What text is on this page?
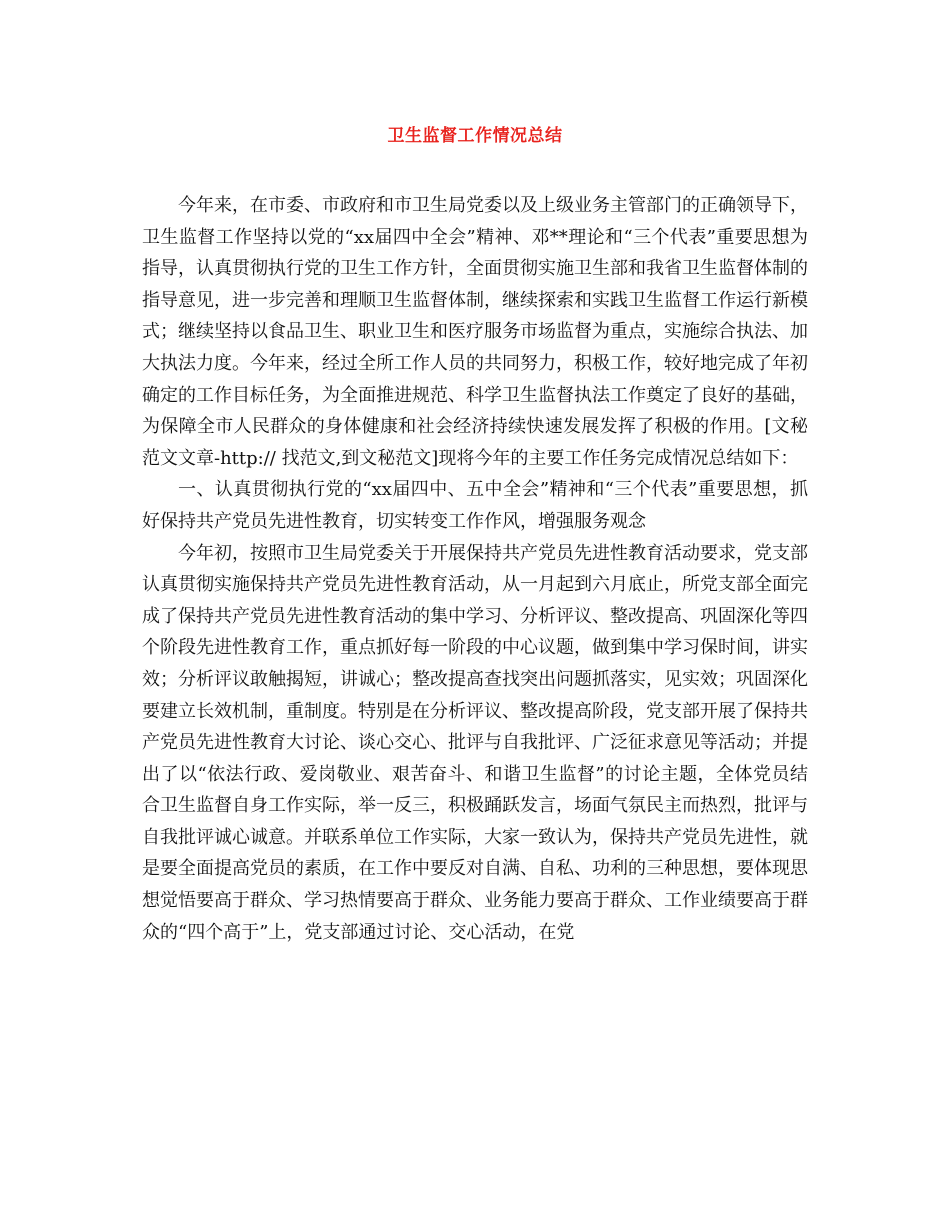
卫生监督工作情况总结

今年来，在市委、市政府和市卫生局党委以及上级业务主管部门的正确领导下，卫生监督工作坚持以党的“xx届四中全会”精神、邓**理论和“三个代表”重要思想为指导，认真贯彻执行党的卫生工作方针，全面贯彻实施卫生部和我省卫生监督体制的指导意见，进一步完善和理顺卫生监督体制，继续探索和实践卫生监督工作运行新模式；继续坚持以食品卫生、职业卫生和医疗服务市场监督为重点，实施综合执法、加大执法力度。今年来，经过全所工作人员的共同努力，积极工作，较好地完成了年初确定的工作目标任务，为全面推进规范、科学卫生监督执法工作奠定了良好的基础，为保障全市人民群众的身体健康和社会经济持续快速发展发挥了积极的作用。[文秘范文文章-http:// 找范文,到文秘范文]现将今年的主要工作任务完成情况总结如下：

一、认真贯彻执行党的“xx届四中、五中全会”精神和“三个代表”重要思想，抓好保持共产党员先进性教育，切实转变工作作风，增强服务观念

今年初，按照市卫生局党委关于开展保持共产党员先进性教育活动要求，党支部认真贯彻实施保持共产党员先进性教育活动，从一月起到六月底止，所党支部全面完成了保持共产党员先进性教育活动的集中学习、分析评议、整改提高、巩固深化等四个阶段先进性教育工作，重点抓好每一阶段的中心议题，做到集中学习保时间，讲实效；分析评议敢触揭短，讲诚心；整改提高查找突出问题抓落实，见实效；巩固深化要建立长效机制，重制度。特别是在分析评议、整改提高阶段，党支部开展了保持共产党员先进性教育大讨论、谈心交心、批评与自我批评、广泛征求意见等活动；并提出了以“依法行政、爱岗敬业、艰苦奋斗、和谐卫生监督”的讨论主题，全体党员结合卫生监督自身工作实际，举一反三，积极踊跃发言，场面气氛民主而热烈，批评与自我批评诚心诚意。并联系单位工作实际，大家一致认为，保持共产党员先进性，就是要全面提高党员的素质，在工作中要反对自满、自私、功利的三种思想，要体现思想觉悟要高于群众、学习热情要高于群众、业务能力要高于群众、工作业绩要高于群众的“四个高于”上，党支部通过讨论、交心活动，在党
